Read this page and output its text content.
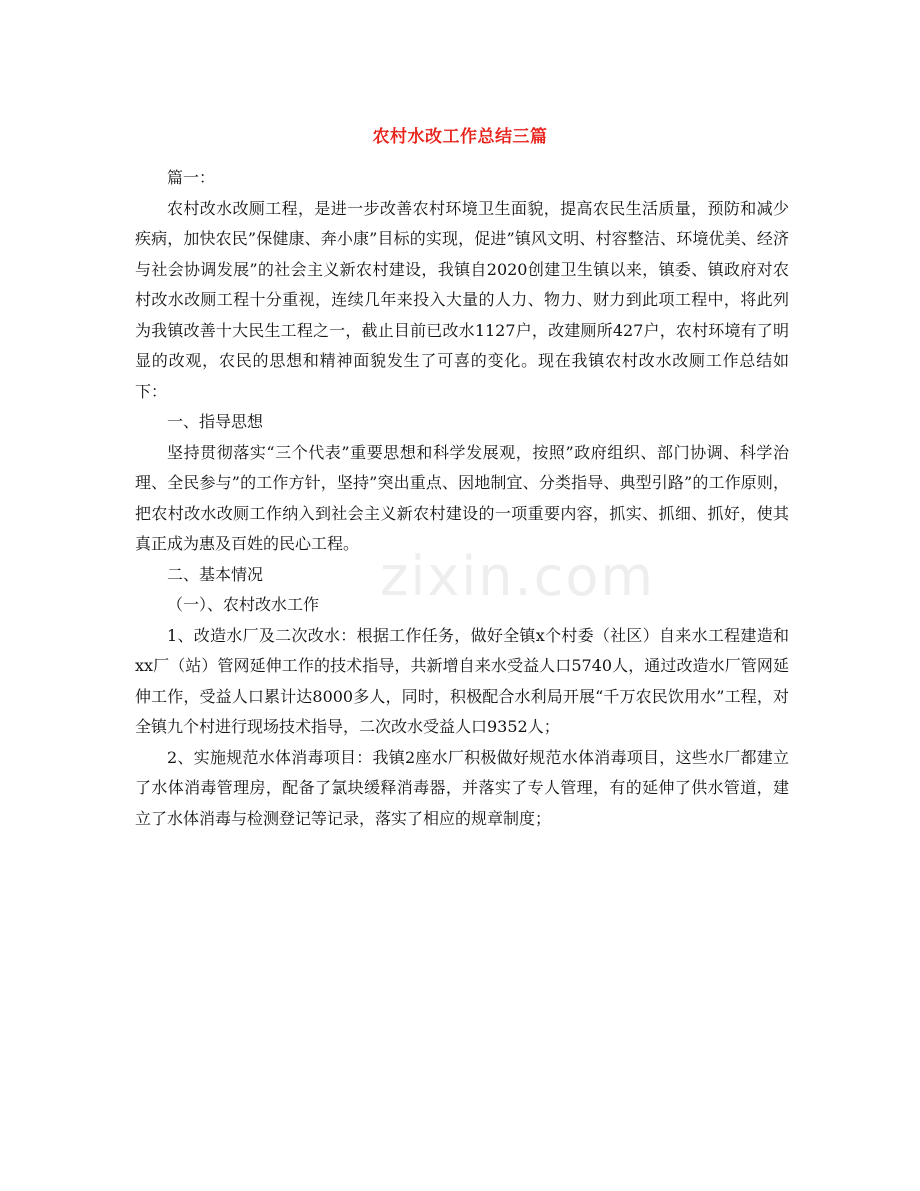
农村水改工作总结三篇

篇一：

农村改水改厕工程，是进一步改善农村环境卫生面貌，提高农民生活质量，预防和减少疾病，加快农民”保健康、奔小康”目标的实现，促进”镇风文明、村容整洁、环境优美、经济与社会协调发展”的社会主义新农村建设，我镇自2020创建卫生镇以来，镇委、镇政府对农村改水改厕工程十分重视，连续几年来投入大量的人力、物力、财力到此项工程中，将此列为我镇改善十大民生工程之一，截止目前已改水1127户，改建厕所427户，农村环境有了明显的改观，农民的思想和精神面貌发生了可喜的变化。现在我镇农村改水改厕工作总结如下：

一、指导思想

坚持贯彻落实“三个代表”重要思想和科学发展观，按照”政府组织、部门协调、科学治理、全民参与”的工作方针，坚持”突出重点、因地制宜、分类指导、典型引路”的工作原则，把农村改水改厕工作纳入到社会主义新农村建设的一项重要内容，抓实、抓细、抓好，使其真正成为惠及百姓的民心工程。

二、基本情况

（一）、农村改水工作

1、改造水厂及二次改水：根据工作任务，做好全镇x个村委（社区）自来水工程建造和xx厂（站）管网延伸工作的技术指导，共新增自来水受益人口5740人，通过改造水厂管网延伸工作，受益人口累计达8000多人，同时，积极配合水利局开展“千万农民饮用水”工程，对全镇九个村进行现场技术指导，二次改水受益人口9352人；

2、实施规范水体消毒项目：我镇2座水厂积极做好规范水体消毒项目，这些水厂都建立了水体消毒管理房，配备了氯块缓释消毒器，并落实了专人管理，有的延伸了供水管道，建立了水体消毒与检测登记等记录，落实了相应的规章制度；

zixin.com
